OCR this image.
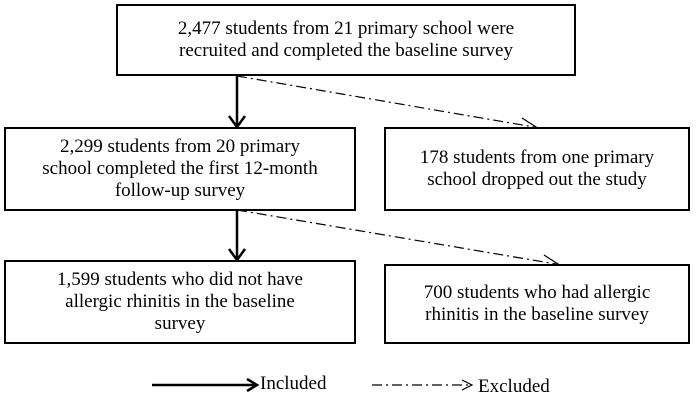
2,477 students from 21 primary school were
recruited and completed the baseline survey
2,299 students from 20 primary
school completed the first 12-month
follow-up survey
178 students from one primary
school dropped out the study
1,599 students who did not have
allergic rhinitis in the baseline
survey
700 students who had allergic
rhinitis in the baseline survey
Included	Excluded
